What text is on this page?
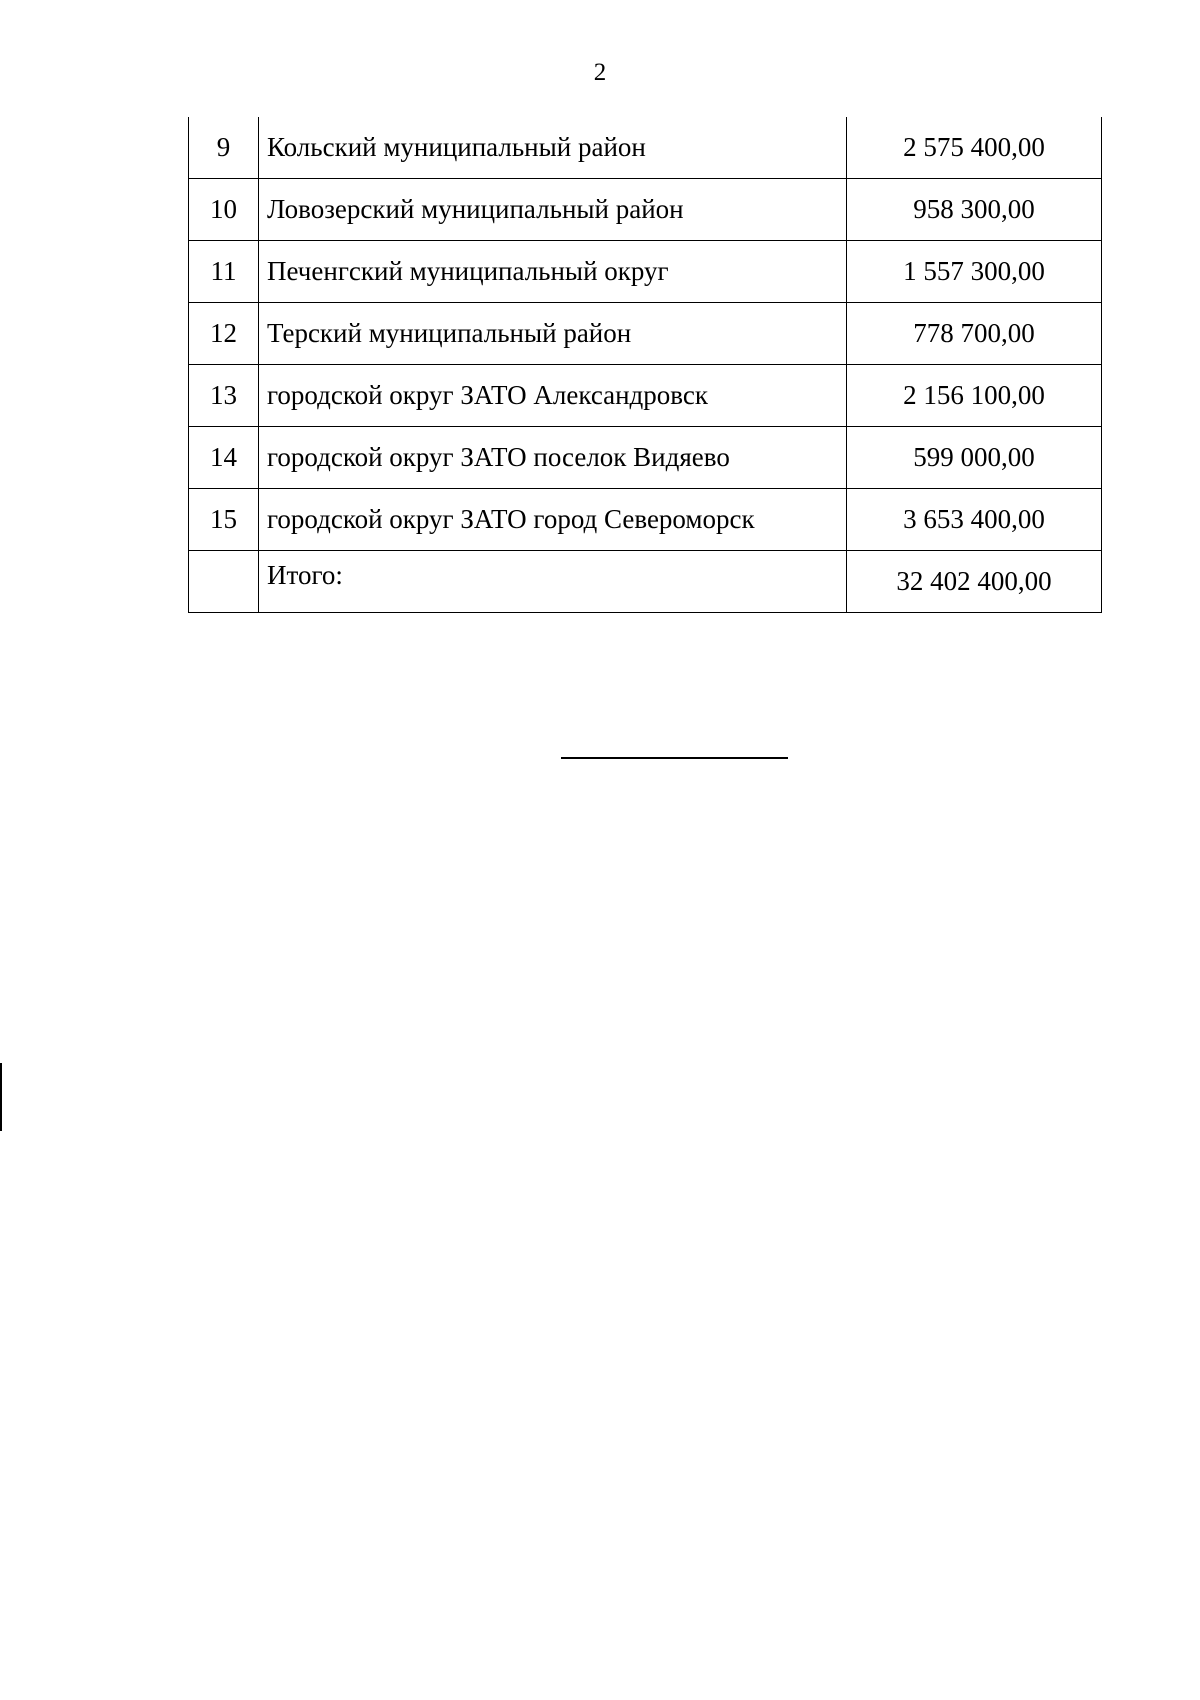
2
9	Кольский муниципальный район	2 575 400,00
10	Ловозерский муниципальный район	958 300,00
11	Печенгский муниципальный округ	1 557 300,00
12	Терский муниципальный район	778 700,00
13	городской округ ЗАТО Александровск	2 156 100,00
14	городской округ ЗАТО поселок Видяево	599 000,00
15	городской округ ЗАТО город Североморск	3 653 400,00
	Итого:	32 402 400,00
